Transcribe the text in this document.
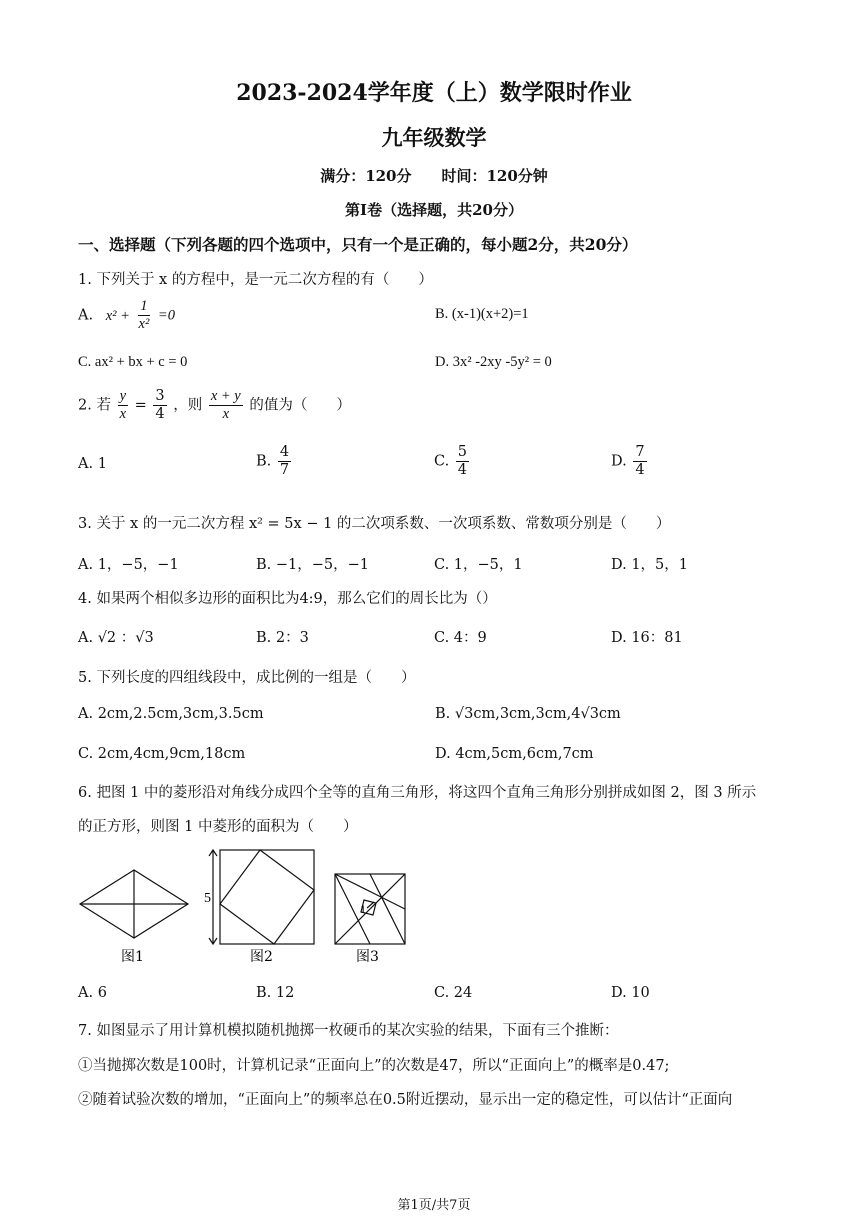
2023-2024学年度（上）数学限时作业
九年级数学
满分：120分　　时间：120分钟
第Ⅰ卷（选择题，共20分）
一、选择题（下列各题的四个选项中，只有一个是正确的，每小题2分，共20分）
1. 下列关于 x 的方程中，是一元二次方程的有（　　）
A. $x^2 + \frac{1}{\text{x²}} =0$	B. (x-1)(x+2)=1
C. ax² + bx + c = 0	D. 3x² -2xy -5y² = 0
2. 若 $\frac{y}{x} = \frac{3}{4}$ ，则 $\frac{x + y}{x}$ 的值为（　　）
A. 1	B. $\frac{4}{7}$	C. $\frac{5}{4}$	D. $\frac{7}{4}$
3. 关于 x 的一元二次方程 x² = 5x − 1 的二次项系数、一次项系数、常数项分别是（　　）
A. 1，−5，−1	B. −1，−5，−1	C. 1，−5，1	D. 1，5，1
4. 如果两个相似多边形的面积比为4:9，那么它们的周长比为（）
A. √2 ：√3	B. 2：3	C. 4：9	D. 16：81
5. 下列长度的四组线段中，成比例的一组是（　　）
A. 2cm,2.5cm,3cm,3.5cm	B. √3cm,3cm,3cm,4√3cm
C. 2cm,4cm,9cm,18cm	D. 4cm,5cm,6cm,7cm
6. 把图 1 中的菱形沿对角线分成四个全等的直角三角形，将这四个直角三角形分别拼成如图 2，图 3 所示
的正方形，则图 1 中菱形的面积为（　　）
5
1
图1	图2	图3
A. 6	B. 12	C. 24	D. 10
7. 如图显示了用计算机模拟随机抛掷一枚硬币的某次实验的结果，下面有三个推断：
①当抛掷次数是100时，计算机记录“正面向上”的次数是47，所以“正面向上”的概率是0.47;
②随着试验次数的增加，“正面向上”的频率总在0.5附近摆动，显示出一定的稳定性，可以估计“正面向
第1页/共7页
